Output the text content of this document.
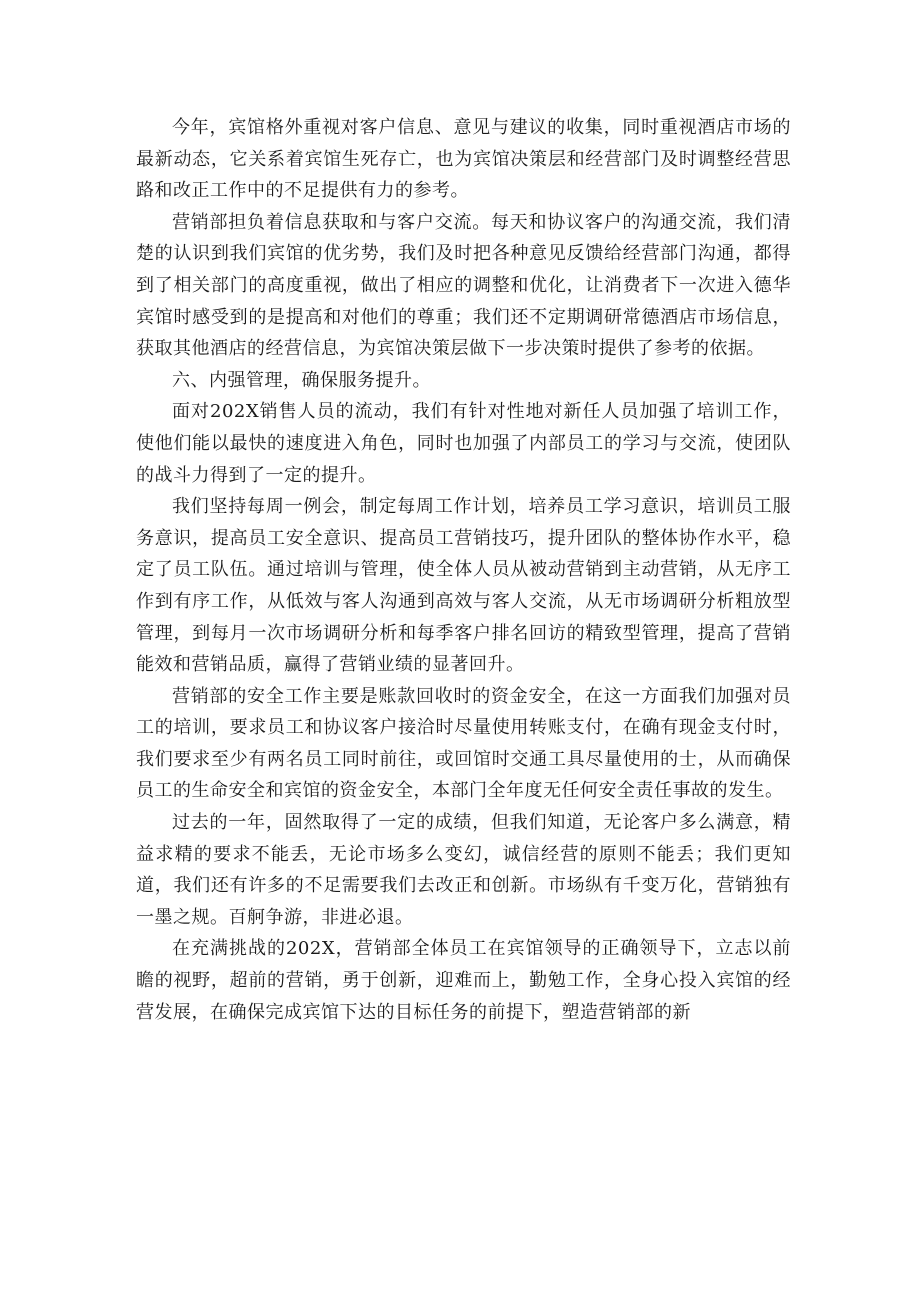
今年，宾馆格外重视对客户信息、意见与建议的收集，同时重视酒店市场的最新动态，它关系着宾馆生死存亡，也为宾馆决策层和经营部门及时调整经营思路和改正工作中的不足提供有力的参考。

营销部担负着信息获取和与客户交流。每天和协议客户的沟通交流，我们清楚的认识到我们宾馆的优劣势，我们及时把各种意见反馈给经营部门沟通，都得到了相关部门的高度重视，做出了相应的调整和优化，让消费者下一次进入德华宾馆时感受到的是提高和对他们的尊重；我们还不定期调研常德酒店市场信息，获取其他酒店的经营信息，为宾馆决策层做下一步决策时提供了参考的依据。

六、内强管理，确保服务提升。

面对202X销售人员的流动，我们有针对性地对新任人员加强了培训工作，使他们能以最快的速度进入角色，同时也加强了内部员工的学习与交流，使团队的战斗力得到了一定的提升。

我们坚持每周一例会，制定每周工作计划，培养员工学习意识，培训员工服务意识，提高员工安全意识、提高员工营销技巧，提升团队的整体协作水平，稳定了员工队伍。通过培训与管理，使全体人员从被动营销到主动营销，从无序工作到有序工作，从低效与客人沟通到高效与客人交流，从无市场调研分析粗放型管理，到每月一次市场调研分析和每季客户排名回访的精致型管理，提高了营销能效和营销品质，赢得了营销业绩的显著回升。

营销部的安全工作主要是账款回收时的资金安全，在这一方面我们加强对员工的培训，要求员工和协议客户接洽时尽量使用转账支付，在确有现金支付时，我们要求至少有两名员工同时前往，或回馆时交通工具尽量使用的士，从而确保员工的生命安全和宾馆的资金安全，本部门全年度无任何安全责任事故的发生。

过去的一年，固然取得了一定的成绩，但我们知道，无论客户多么满意，精益求精的要求不能丢，无论市场多么变幻，诚信经营的原则不能丢；我们更知道，我们还有许多的不足需要我们去改正和创新。市场纵有千变万化，营销独有一墨之规。百舸争游，非进必退。

在充满挑战的202X，营销部全体员工在宾馆领导的正确领导下，立志以前瞻的视野，超前的营销，勇于创新，迎难而上，勤勉工作，全身心投入宾馆的经营发展，在确保完成宾馆下达的目标任务的前提下，塑造营销部的新
